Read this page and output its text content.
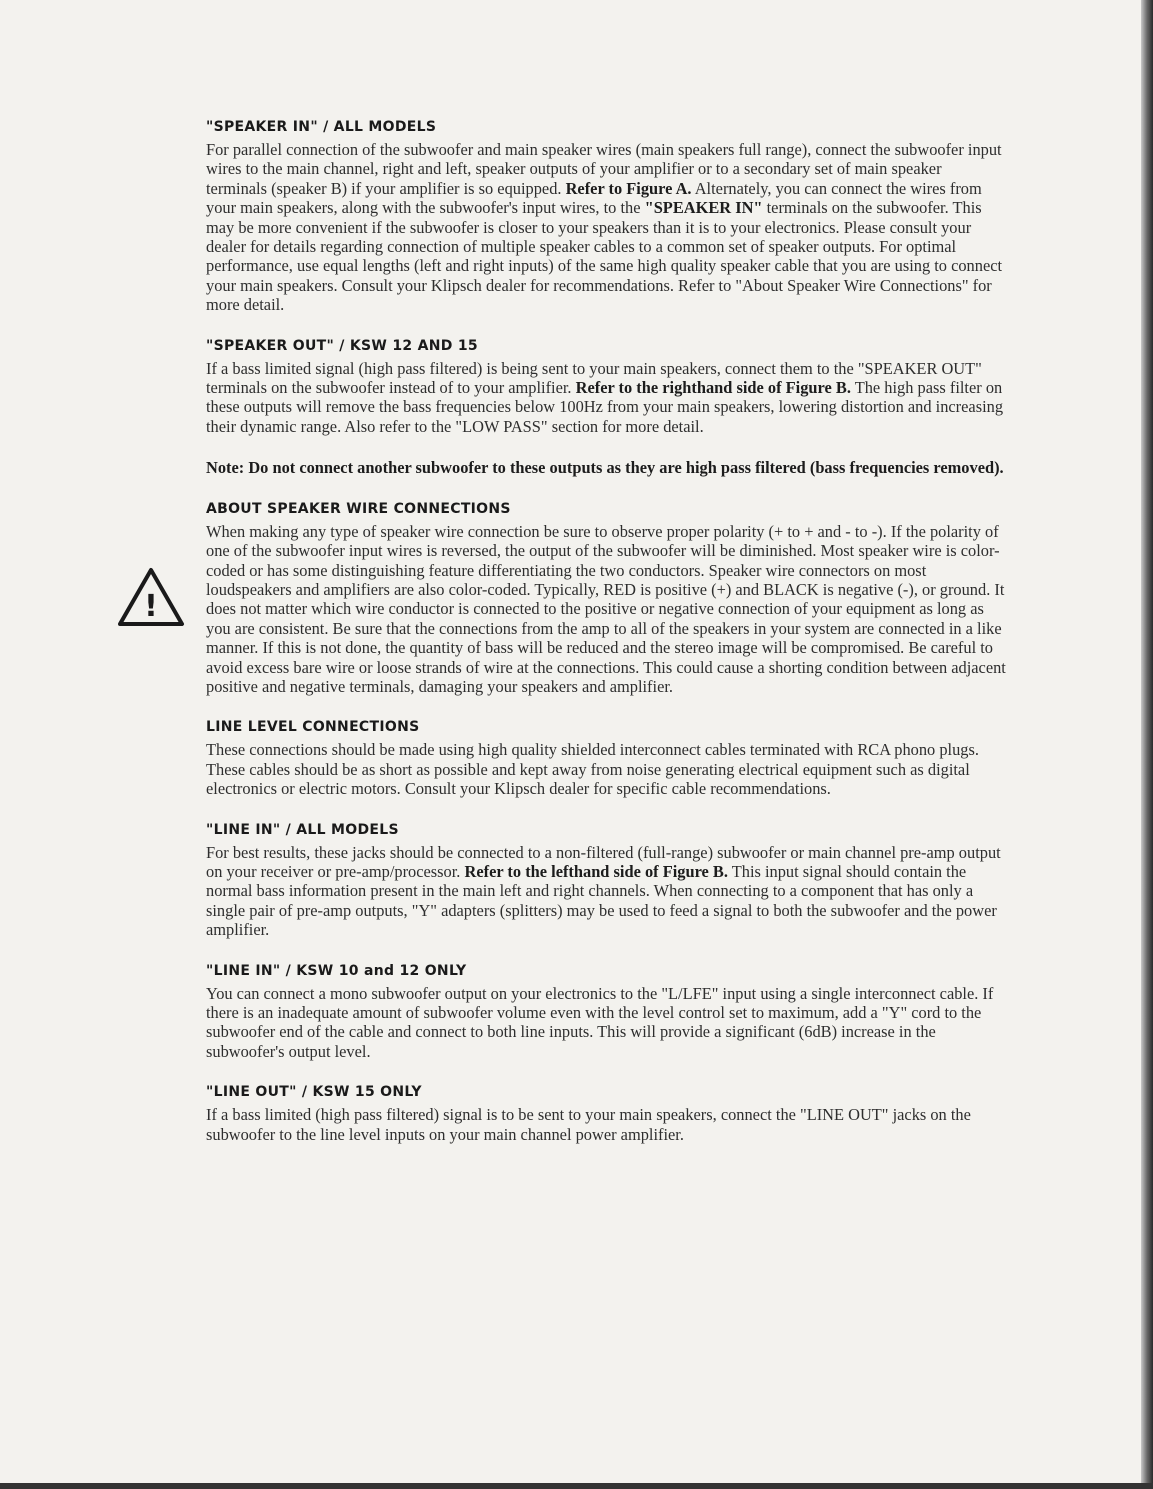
!
"SPEAKER IN" / ALL MODELS

For parallel connection of the subwoofer and main speaker wires (main speakers full range), connect the subwoofer input wires to the main channel, right and left, speaker outputs of your amplifier or to a secondary set of main speaker terminals (speaker B) if your amplifier is so equipped. Refer to Figure A. Alternately, you can connect the wires from your main speakers, along with the subwoofer's input wires, to the "SPEAKER IN" terminals on the subwoofer. This may be more convenient if the subwoofer is closer to your speakers than it is to your electronics. Please consult your dealer for details regarding connection of multiple speaker cables to a common set of speaker outputs. For optimal performance, use equal lengths (left and right inputs) of the same high quality speaker cable that you are using to connect your main speakers. Consult your Klipsch dealer for recommendations. Refer to "About Speaker Wire Connections" for more detail.

"SPEAKER OUT" / KSW 12 AND 15

If a bass limited signal (high pass filtered) is being sent to your main speakers, connect them to the "SPEAKER OUT" terminals on the subwoofer instead of to your amplifier. Refer to the righthand side of Figure B. The high pass filter on these outputs will remove the bass frequencies below 100Hz from your main speakers, lowering distortion and increasing their dynamic range. Also refer to the "LOW PASS" section for more detail.

Note: Do not connect another subwoofer to these outputs as they are high pass filtered (bass frequencies removed).

ABOUT SPEAKER WIRE CONNECTIONS

When making any type of speaker wire connection be sure to observe proper polarity (+ to + and - to -). If the polarity of one of the subwoofer input wires is reversed, the output of the subwoofer will be diminished. Most speaker wire is color-coded or has some distinguishing feature differentiating the two conductors. Speaker wire connectors on most loudspeakers and amplifiers are also color-coded. Typically, RED is positive (+) and BLACK is negative (-), or ground. It does not matter which wire conductor is connected to the positive or negative connection of your equipment as long as you are consistent. Be sure that the connections from the amp to all of the speakers in your system are connected in a like manner. If this is not done, the quantity of bass will be reduced and the stereo image will be compromised. Be careful to avoid excess bare wire or loose strands of wire at the connections. This could cause a shorting condition between adjacent positive and negative terminals, damaging your speakers and amplifier.

LINE LEVEL CONNECTIONS

These connections should be made using high quality shielded interconnect cables terminated with RCA phono plugs. These cables should be as short as possible and kept away from noise generating electrical equipment such as digital electronics or electric motors. Consult your Klipsch dealer for specific cable recommendations.

"LINE IN" / ALL MODELS

For best results, these jacks should be connected to a non-filtered (full-range) subwoofer or main channel pre-amp output on your receiver or pre-amp/processor. Refer to the lefthand side of Figure B. This input signal should contain the normal bass information present in the main left and right channels. When connecting to a component that has only a single pair of pre-amp outputs, "Y" adapters (splitters) may be used to feed a signal to both the subwoofer and the power amplifier.

"LINE IN" / KSW 10 and 12 ONLY

You can connect a mono subwoofer output on your electronics to the "L/LFE" input using a single interconnect cable. If there is an inadequate amount of subwoofer volume even with the level control set to maximum, add a "Y" cord to the subwoofer end of the cable and connect to both line inputs. This will provide a significant (6dB) increase in the subwoofer's output level.

"LINE OUT" / KSW 15 ONLY

If a bass limited (high pass filtered) signal is to be sent to your main speakers, connect the "LINE OUT" jacks on the subwoofer to the line level inputs on your main channel power amplifier.
